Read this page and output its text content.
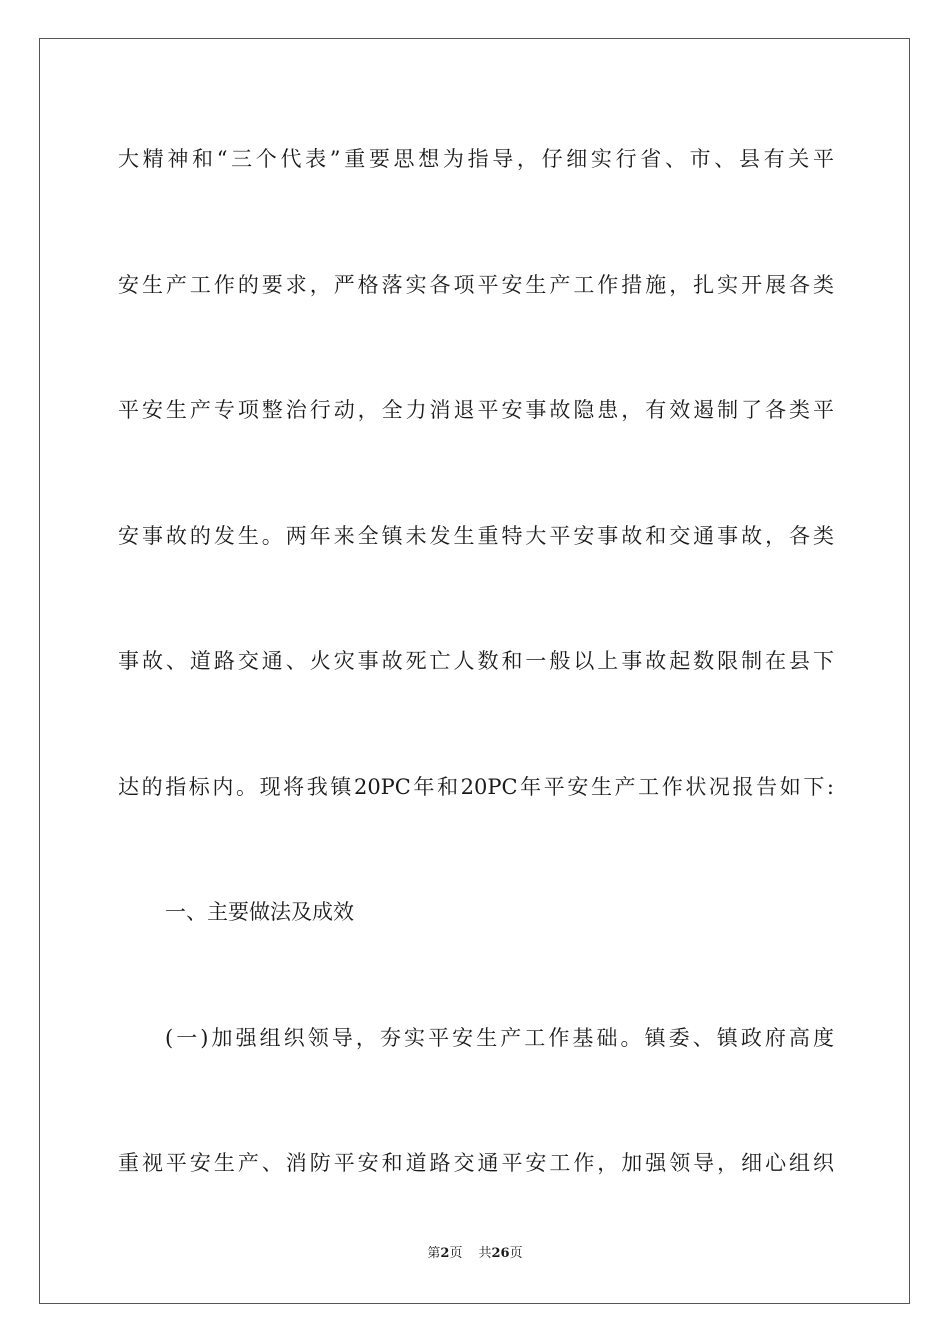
大精神和“三个代表”重要思想为指导，仔细实行省、市、县有关平
安生产工作的要求，严格落实各项平安生产工作措施，扎实开展各类
平安生产专项整治行动，全力消退平安事故隐患，有效遏制了各类平
安事故的发生。两年来全镇未发生重特大平安事故和交通事故，各类
事故、道路交通、火灾事故死亡人数和一般以上事故起数限制在县下
达的指标内。现将我镇20PC年和20PC年平安生产工作状况报告如下:
一、主要做法及成效
(一)加强组织领导，夯实平安生产工作基础。镇委、镇政府高度
重视平安生产、消防平安和道路交通平安工作，加强领导，细心组织
第2页 共26页
